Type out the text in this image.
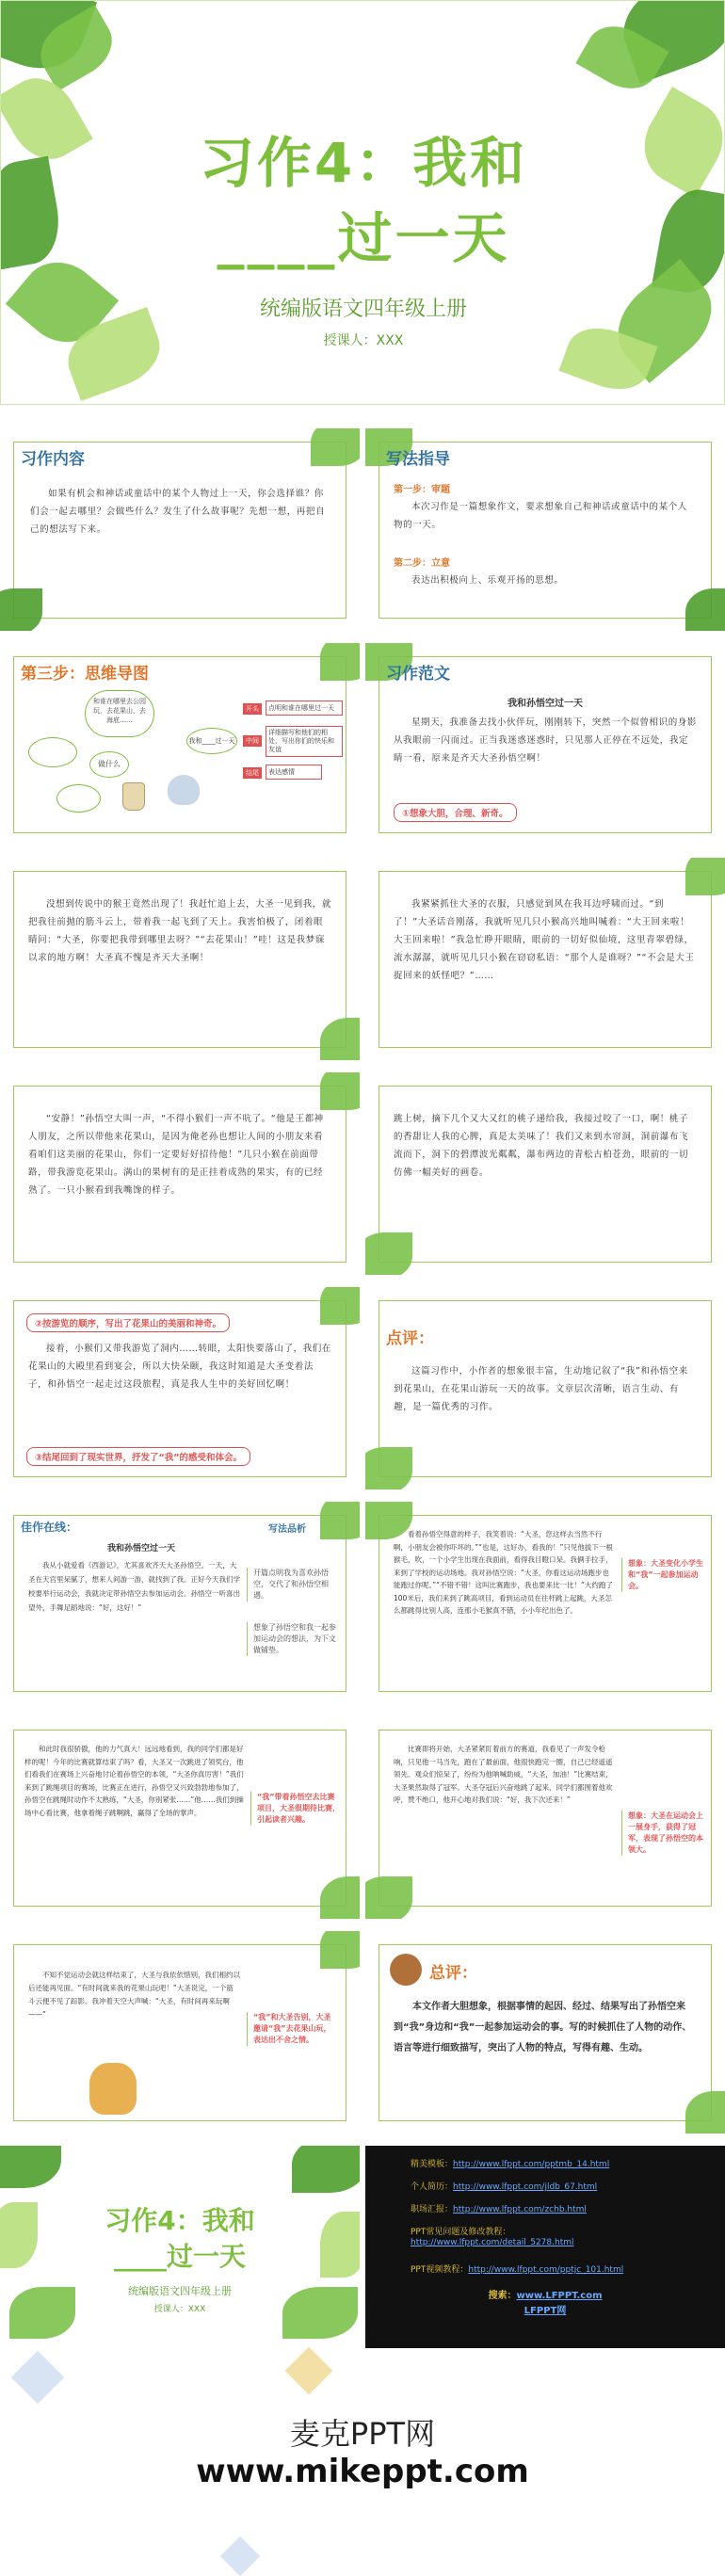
习作4：我和
____过一天
统编版语文四年级上册
授课人：XXX
习作内容
如果有机会和神话或童话中的某个人物过上一天，你会选择谁？你们会一起去哪里？会做些什么？发生了什么故事呢？先想一想，再把自己的想法写下来。
写法指导
第一步：审题
本次习作是一篇想象作文，要求想象自己和神话或童话中的某个人物的一天。
第二步：立意
表达出积极向上、乐观开扬的思想。
第三步：思维导图
和谁在哪里去公园玩，去花果山，去海底……
做什么
我和____过一天
开头	点明和谁在哪里过一天
中间
详细描写和他们的相处，写出你们的快乐和友谊
结尾	表达感情
习作范文
我和孙悟空过一天
星期天，我准备去找小伙伴玩，刚刚转下，突然一个似曾相识的身影从我眼前一闪而过。正当我迷惑迷惑时，只见那人正停在不远处，我定睛一看，原来是齐天大圣孙悟空啊！
①想象大胆，合理、新奇。
没想到传说中的猴王竟然出现了！我赶忙追上去，大圣一见到我，就把我往前抛的筋斗云上，带着我一起飞到了天上。我害怕极了，闭着眼睛问：“大圣，你要把我带到哪里去呀？”“去花果山！”哇！这是我梦寐以求的地方啊！大圣真不愧是齐天大圣啊！
我紧紧抓住大圣的衣服，只感觉到风在我耳边呼啸而过。“到了！”大圣话音刚落，我就听见几只小猴高兴地叫喊着：“大王回来啦！大王回来啦！”我急忙睁开眼睛，眼前的一切好似仙境，这里青翠碧绿，流水潺潺，就听见几只小猴在窃窃私语：“那个人是谁呀？”“不会是大王捉回来的妖怪吧？”……
“安静！”孙悟空大叫一声，“不得小猴们一声不吭了。“他是王都神人朋友，之所以带他来花果山，是因为俺老孙也想让人间的小朋友来看看咱们这美丽的花果山，你们一定要好好招待他！”几只小猴在前面带路，带我游览花果山。满山的果树有的是正挂着成熟的果实，有的已经熟了。一只小猴看到我嘴馋的样子。
跳上树，摘下几个又大又红的桃子递给我，我接过咬了一口，啊！桃子的香甜让人我的心脾，真是太美味了！我们又来到水帘洞，洞前瀑布飞流而下，洞下的碧潭波光粼粼，瀑布两边的青松古柏苍劲，眼前的一切仿佛一幅美好的画卷。
②按游览的顺序，写出了花果山的美丽和神奇。
接着，小猴们又带我游览了洞内……转眼，太阳快要落山了，我们在花果山的大殿里看到宴会，所以大快朵颐，我这时知道是大圣变着法子，和孙悟空一起走过这段旅程，真是我人生中的美好回忆啊！
③结尾回到了现实世界，抒发了“我”的感受和体会。
点评：
这篇习作中，小作者的想象很丰富，生动地记叙了“我”和孙悟空来到花果山，在花果山游玩一天的故事。文章层次清晰，语言生动、有趣，是一篇优秀的习作。
佳作在线：	写法品析
我和孙悟空过一天
我从小就爱看《西游记》，尤其喜欢齐天大圣孙悟空。一天，大圣在天宫里呆腻了，想来人间游一游，就找到了我。正好今天我们学校要举行运动会，我就决定带孙悟空去参加运动会。孙悟空一听喜出望外，手舞足蹈地说：“好，这好！”
开篇点明我为喜欢孙悟空，交代了和孙悟空相遇。
想象了孙悟空和我一起参加运动会的想法，为下文做铺垫。
看着孙悟空得意的样子，我笑着说：“大圣，您这样去当然不行啊，小朋友会被你吓坏的。”“也是，这好办，看我的！”只见他拔下一根猴毛，吹，一个小学生出现在我面前，看得我目瞪口呆。我俩手拉手，来到了学校的运动场地。我对孙悟空说：“大圣，你看这运动场跑步也能跑过你呢。”“不错不错！这叫比赛跑步，我也要来比一比！”大约跑了100米后，我们来到了跳高项目，看到运动员在往杆跳上起跳，大圣怎么都跳得比别人高，连那小毛猴真不错，小小年纪出色了。
想象：大圣变化小学生和“我”一起参加运动会。
和此时我很骄傲，他的力气真大！远远地看到，我的同学们都是好样的呢！今年的比赛就算结束了吗？看，大圣又一次跳进了领奖台，他们看我们在赛场上兴奋地讨论着孙悟空的本领，“大圣你真厉害！”我们来到了跳绳项目的赛场，比赛正在进行，孙悟空又兴致勃勃地参加了，孙悟空在跳绳时动作不太熟练，“大圣，你别紧张……”他……我们到操场中心看比赛，他拿着绳子跳啊跳，赢得了全场的掌声。
“我”带着孙悟空去比赛项目，大圣很期待比赛，引起读者兴趣。
比赛即将开始，大圣紧紧盯着前方的赛道，我看见了一声发令枪响，只见他一马当先，跑在了最前面，他很快跑完一圈，自己已经遥遥领先。观众们惊呆了，纷纷为他呐喊助威，“大圣，加油！”比赛结束，大圣果然取得了冠军。大圣夺冠后兴奋地跳了起来，同学们都围着他欢呼，赞不绝口，他开心地对我们说：“好，我下次还来！”
想象：大圣在运动会上一展身手，获得了冠军，表现了孙悟空的本领大。
不知不觉运动会就这样结束了，大圣与我依依惜别，我们相约以后还能再见面。“有时间就来我的花果山玩吧！”大圣说完，一个筋斗云便不见了踪影。我冲着天空大声喊：“大圣，有时间再来玩啊——”	“我”和大圣告别，大圣邀请“我”去花果山玩，表达出不舍之情。
总评：
本文作者大胆想象，根据事情的起因、经过、结果写出了孙悟空来到“我”身边和“我”一起参加运动会的事。写的时候抓住了人物的动作、语言等进行细致描写，突出了人物的特点，写得有趣、生动。
习作4：我和
____过一天
统编版语文四年级上册
授课人：XXX
精美模板：http://www.lfppt.com/pptmb_14.html
个人简历：http://www.lfppt.com/jldb_67.html
职场汇报：http://www.lfppt.com/zchb.html
PPT常见问题及修改教程：
http://www.lfppt.com/detail_5278.html
PPT视频教程：http://www.lfppt.com/pptjc_101.html
搜索：www.LFPPT.com
LFPPT网
麦克PPT网
www.mikeppt.com
